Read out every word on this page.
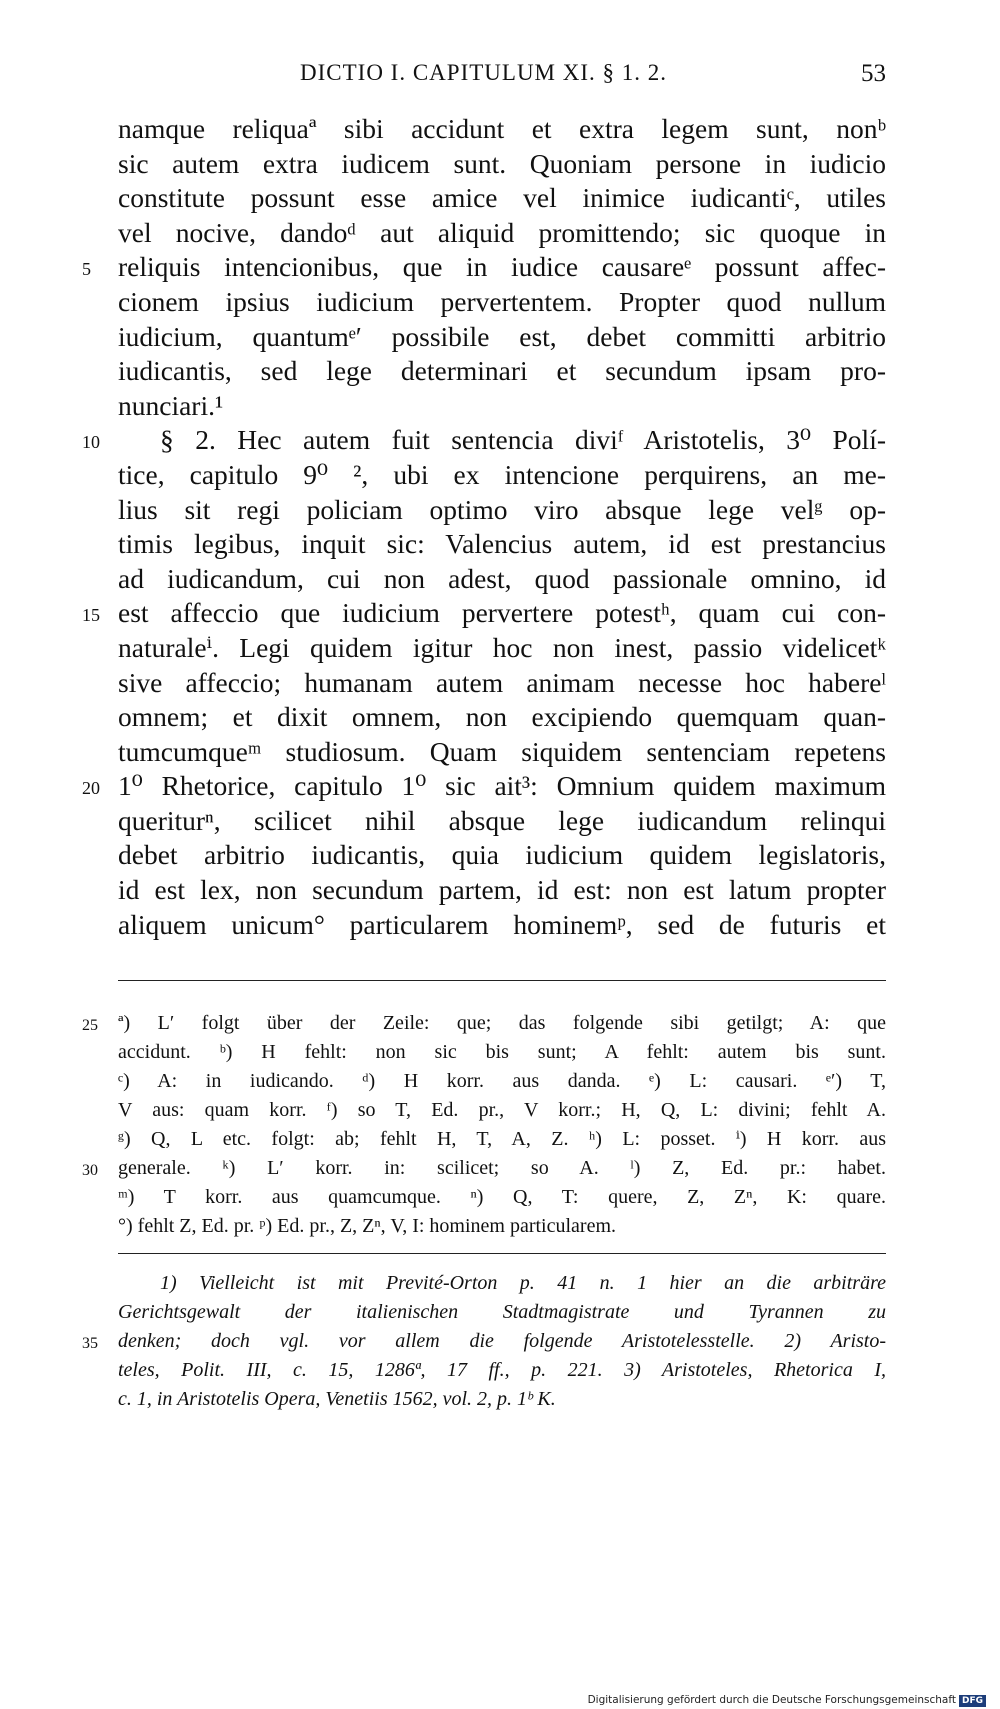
DICTIO I. CAPITULUM XI. § 1. 2.	53
namque reliquaª sibi accidunt et extra legem sunt, nonᵇ
sic autem extra iudicem sunt. Quoniam persone in iudicio
constitute possunt esse amice vel inimice iudicantiᶜ, utiles
vel nocive, dandoᵈ aut aliquid promittendo; sic quoque in
5 reliquis intencionibus, que in iudice causareᵉ possunt affec-
cionem ipsius iudicium pervertentem. Propter quod nullum
iudicium, quantumᵉ′ possibile est, debet committi arbitrio
iudicantis, sed lege determinari et secundum ipsam pro-
nunciari.¹
10 § 2. Hec autem fuit sentencia diviᶠ Aristotelis, 3⁰ Polí-
tice, capitulo 9⁰ ², ubi ex intencione perquirens, an me-
lius sit regi policiam optimo viro absque lege velᵍ op-
timis legibus, inquit sic: Valencius autem, id est prestancius
ad iudicandum, cui non adest, quod passionale omnino, id
15 est affeccio que iudicium pervertere potestʰ, quam cui con-
naturaleⁱ. Legi quidem igitur hoc non inest, passio videlicetᵏ
sive affeccio; humanam autem animam necesse hoc habereˡ
omnem; et dixit omnem, non excipiendo quemquam quan-
tumcumqueᵐ studiosum. Quam siquidem sentenciam repetens
20 1⁰ Rhetorice, capitulo 1⁰ sic ait³: Omnium quidem maximum
queriturⁿ, scilicet nihil absque lege iudicandum relinqui
debet arbitrio iudicantis, quia iudicium quidem legislatoris,
id est lex, non secundum partem, id est: non est latum propter
aliquem unicum° particularem hominemᵖ, sed de futuris et
25 ª) L′ folgt über der Zeile: que; das folgende sibi getilgt; A: que
accidunt. ᵇ) H fehlt: non sic bis sunt; A fehlt: autem bis sunt.
ᶜ) A: in iudicando. ᵈ) H korr. aus danda. ᵉ) L: causari. ᵉ′) T,
V aus: quam korr. ᶠ) so T, Ed. pr., V korr.; H, Q, L: divini; fehlt A.
ᵍ) Q, L etc. folgt: ab; fehlt H, T, A, Z. ʰ) L: posset. ⁱ) H korr. aus
30 generale. ᵏ) L′ korr. in: scilicet; so A. ˡ) Z, Ed. pr.: habet.
ᵐ) T korr. aus quamcumque. ⁿ) Q, T: quere, Z, Zⁿ, K: quare.
°) fehlt Z, Ed. pr. ᵖ) Ed. pr., Z, Zⁿ, V, I: hominem particularem.
1) Vielleicht ist mit Previté-Orton p. 41 n. 1 hier an die arbiträre
Gerichtsgewalt der italienischen Stadtmagistrate und Tyrannen zu
35 denken; doch vgl. vor allem die folgende Aristotelesstelle. 2) Aristo-
teles, Polit. III, c. 15, 1286ª, 17 ff., p. 221. 3) Aristoteles, Rhetorica I,
c. 1, in Aristotelis Opera, Venetiis 1562, vol. 2, p. 1ᵇ K.
Digitalisierung gefördert durch die Deutsche Forschungsgemeinschaft DFG
